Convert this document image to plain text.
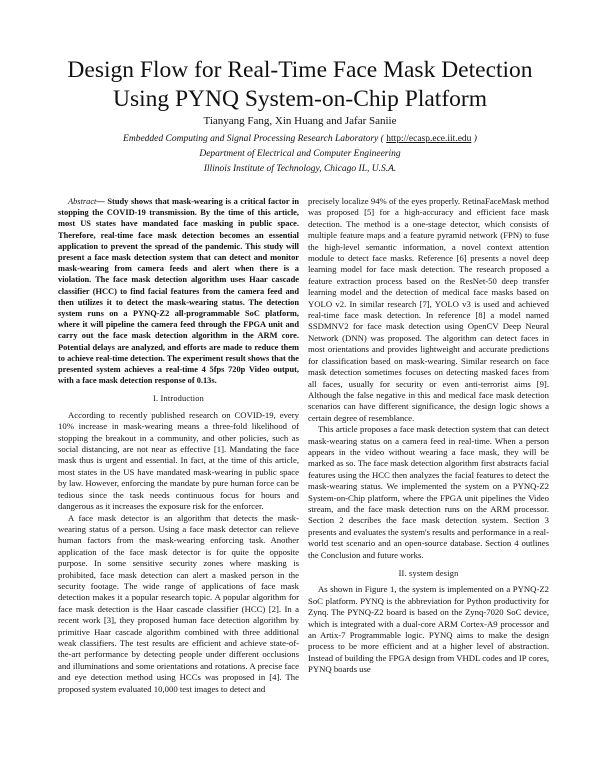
Design Flow for Real-Time Face Mask Detection
Using PYNQ System-on-Chip Platform

Tianyang Fang, Xin Huang and Jafar Saniie

Embedded Computing and Signal Processing Research Laboratory ( http://ecasp.ece.iit.edu )

Department of Electrical and Computer Engineering

Illinois Institute of Technology, Chicago IL, U.S.A.

Abstract— Study shows that mask-wearing is a critical factor in stopping the COVID-19 transmission. By the time of this article, most US states have mandated face masking in public space. Therefore, real-time face mask detection becomes an essential application to prevent the spread of the pandemic. This study will present a face mask detection system that can detect and monitor mask-wearing from camera feeds and alert when there is a violation. The face mask detection algorithm uses Haar cascade classifier (HCC) to find facial features from the camera feed and then utilizes it to detect the mask-wearing status. The detection system runs on a PYNQ-Z2 all-programmable SoC platform, where it will pipeline the camera feed through the FPGA unit and carry out the face mask detection algorithm in the ARM core. Potential delays are analyzed, and efforts are made to reduce them to achieve real-time detection. The experiment result shows that the presented system achieves a real-time 4 5fps 720p Video output, with a face mask detection response of 0.13s.

I. Introduction

According to recently published research on COVID-19, every 10% increase in mask-wearing means a three-fold likelihood of stopping the breakout in a community, and other policies, such as social distancing, are not near as effective [1]. Mandating the face mask thus is urgent and essential. In fact, at the time of this article, most states in the US have mandated mask-wearing in public space by law. However, enforcing the mandate by pure human force can be tedious since the task needs continuous focus for hours and dangerous as it increases the exposure risk for the enforcer.

A face mask detector is an algorithm that detects the mask-wearing status of a person. Using a face mask detector can relieve human factors from the mask-wearing enforcing task. Another application of the face mask detector is for quite the opposite purpose. In some sensitive security zones where masking is prohibited, face mask detection can alert a masked person in the security footage. The wide range of applications of face mask detection makes it a popular research topic. A popular algorithm for face mask detection is the Haar cascade classifier (HCC) [2]. In a recent work [3], they proposed human face detection algorithm by primitive Haar cascade algorithm combined with three additional weak classifiers. The test results are efficient and achieve state-of-the-art performance by detecting people under different occlusions and illuminations and some orientations and rotations. A precise face and eye detection method using HCCs was proposed in [4]. The proposed system evaluated 10,000 test images to detect and

precisely localize 94% of the eyes properly. RetinaFaceMask method was proposed [5] for a high-accuracy and efficient face mask detection. The method is a one-stage detector, which consists of multiple feature maps and a feature pyramid network (FPN) to fuse the high-level semantic information, a novel context attention module to detect face masks. Reference [6] presents a novel deep learning model for face mask detection. The research proposed a feature extraction process based on the ResNet-50 deep transfer learning model and the detection of medical face masks based on YOLO v2. In similar research [7], YOLO v3 is used and achieved real-time face mask detection. In reference [8] a model named SSDMNV2 for face mask detection using OpenCV Deep Neural Network (DNN) was proposed. The algorithm can detect faces in most orientations and provides lightweight and accurate predictions for classification based on mask-wearing. Similar research on face mask detection sometimes focuses on detecting masked faces from all faces, usually for security or even anti-terrorist aims [9]. Although the false negative in this and medical face mask detection scenarios can have different significance, the design logic shows a certain degree of resemblance.

This article proposes a face mask detection system that can detect mask-wearing status on a camera feed in real-time. When a person appears in the video without wearing a face mask, they will be marked as so. The face mask detection algorithm first abstracts facial features using the HCC then analyzes the facial features to detect the mask-wearing status. We implemented the system on a PYNQ-Z2 System-on-Chip platform, where the FPGA unit pipelines the Video stream, and the face mask detection runs on the ARM processor. Section 2 describes the face mask detection system. Section 3 presents and evaluates the system's results and performance in a real-world test scenario and an open-source database. Section 4 outlines the Conclusion and future works.

II. system design

As shown in Figure 1, the system is implemented on a PYNQ-Z2 SoC platform. PYNQ is the abbreviation for Python productivity for Zynq. The PYNQ-Z2 board is based on the Zynq-7020 SoC device, which is integrated with a dual-core ARM Cortex-A9 processor and an Artix-7 Programmable logic. PYNQ aims to make the design process to be more efficient and at a higher level of abstraction. Instead of building the FPGA design from VHDL codes and IP cores, PYNQ boards use
